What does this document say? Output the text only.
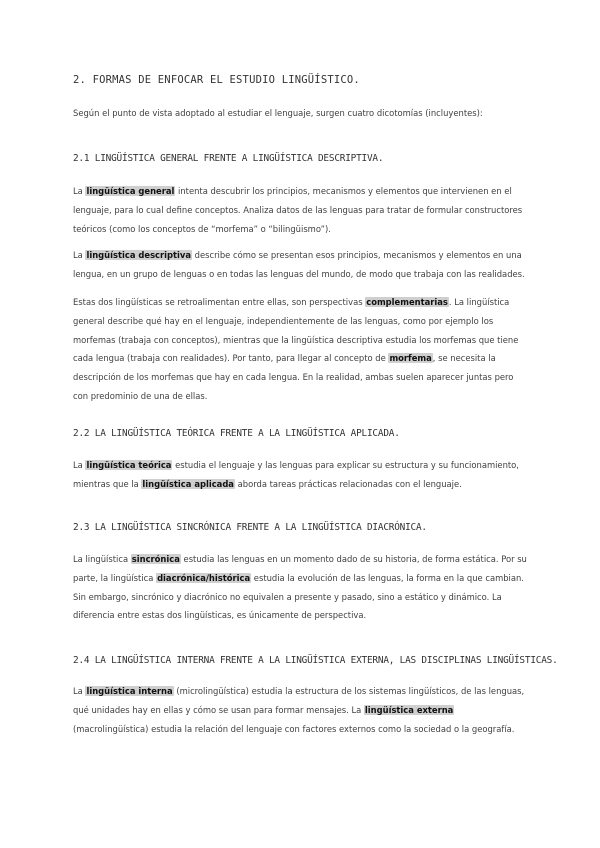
2. FORMAS DE ENFOCAR EL ESTUDIO LINGÜÍSTICO.
Según el punto de vista adoptado al estudiar el lenguaje, surgen cuatro dicotomías (incluyentes):
2.1 LINGÜÍSTICA GENERAL FRENTE A LINGÜÍSTICA DESCRIPTIVA.
La lingüística general intenta descubrir los principios, mecanismos y elementos que intervienen en el lenguaje, para lo cual define conceptos. Analiza datos de las lenguas para tratar de formular constructores teóricos (como los conceptos de “morfema” o “bilingüismo”).
La lingüística descriptiva describe cómo se presentan esos principios, mecanismos y elementos en una lengua, en un grupo de lenguas o en todas las lenguas del mundo, de modo que trabaja con las realidades.
Estas dos lingüísticas se retroalimentan entre ellas, son perspectivas complementarias. La lingüística general describe qué hay en el lenguaje, independientemente de las lenguas, como por ejemplo los morfemas (trabaja con conceptos), mientras que la lingüística descriptiva estudia los morfemas que tiene cada lengua (trabaja con realidades). Por tanto, para llegar al concepto de morfema, se necesita la descripción de los morfemas que hay en cada lengua. En la realidad, ambas suelen aparecer juntas pero con predominio de una de ellas.
2.2 LA LINGÜÍSTICA TEÓRICA FRENTE A LA LINGÜÍSTICA APLICADA.
La lingüística teórica estudia el lenguaje y las lenguas para explicar su estructura y su funcionamiento, mientras que la lingüística aplicada aborda tareas prácticas relacionadas con el lenguaje.
2.3 LA LINGÜÍSTICA SINCRÓNICA FRENTE A LA LINGÜÍSTICA DIACRÓNICA.
La lingüística sincrónica estudia las lenguas en un momento dado de su historia, de forma estática. Por su parte, la lingüística diacrónica/histórica estudia la evolución de las lenguas, la forma en la que cambian. Sin embargo, sincrónico y diacrónico no equivalen a presente y pasado, sino a estático y dinámico. La diferencia entre estas dos lingüísticas, es únicamente de perspectiva.
2.4 LA LINGÜÍSTICA INTERNA FRENTE A LA LINGÜÍSTICA EXTERNA, LAS DISCIPLINAS LINGÜÍSTICAS.
La lingüística interna (microlingüística) estudia la estructura de los sistemas lingüísticos, de las lenguas, qué unidades hay en ellas y cómo se usan para formar mensajes. La lingüística externa (macrolingüística) estudia la relación del lenguaje con factores externos como la sociedad o la geografía.
